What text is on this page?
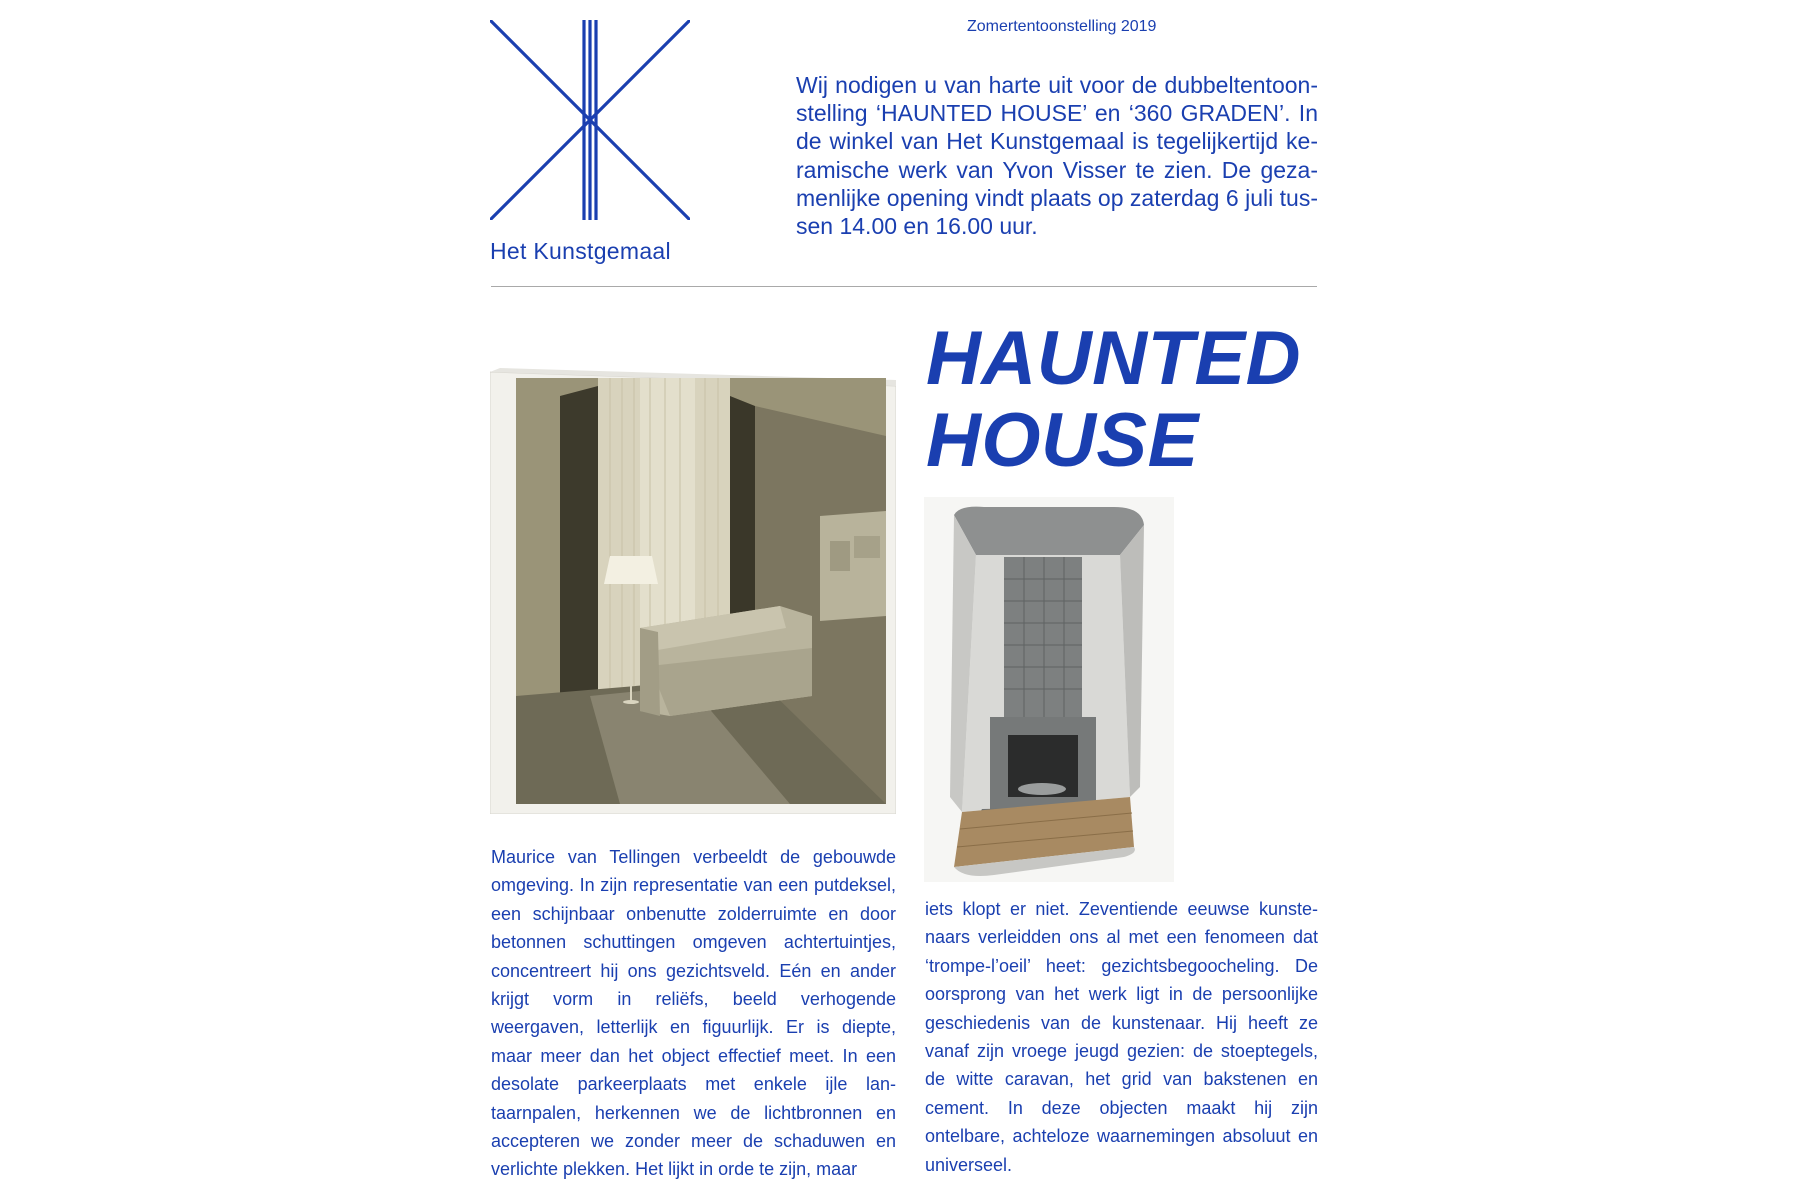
Het Kunstgemaal
Zomertentoonstelling 2019
Wij nodigen u van harte uit voor de dubbeltentoonstelling ‘HAUNTED HOUSE’ en ‘360 GRADEN’. In de winkel van Het Kunstgemaal is tegelijkertijd keramische werk van Yvon Visser te zien. De gezamenlijke opening vindt plaats op zaterdag 6 juli tussen 14.00 en 16.00 uur.
HAUNTED
HOUSE
Maurice van Tellingen verbeeldt de gebouwde omgeving. In zijn representatie van een putdeksel, een schijnbaar onbenutte zolderruimte en door betonnen schuttingen omgeven achtertuintjes, concentreert hij ons gezichtsveld. Eén en ander krijgt vorm in reliëfs, beeld verhogende weergaven, letterlijk en figuurlijk. Er is diepte, maar meer dan het object effectief meet. In een desolate parkeerplaats met enkele ijle lantaarnpalen, herkennen we de lichtbronnen en accepteren we zonder meer de schaduwen en verlichte plekken. Het lijkt in orde te zijn, maar
iets klopt er niet. Zeventiende eeuwse kunstenaars verleidden ons al met een fenomeen dat ‘trompe-l’oeil’ heet: gezichtsbegoocheling. De oorsprong van het werk ligt in de persoonlijke geschiedenis van de kunstenaar. Hij heeft ze vanaf zijn vroege jeugd gezien: de stoeptegels, de witte caravan, het grid van bakstenen en cement. In deze objecten maakt hij zijn ontelbare, achteloze waarnemingen absoluut en universeel.
